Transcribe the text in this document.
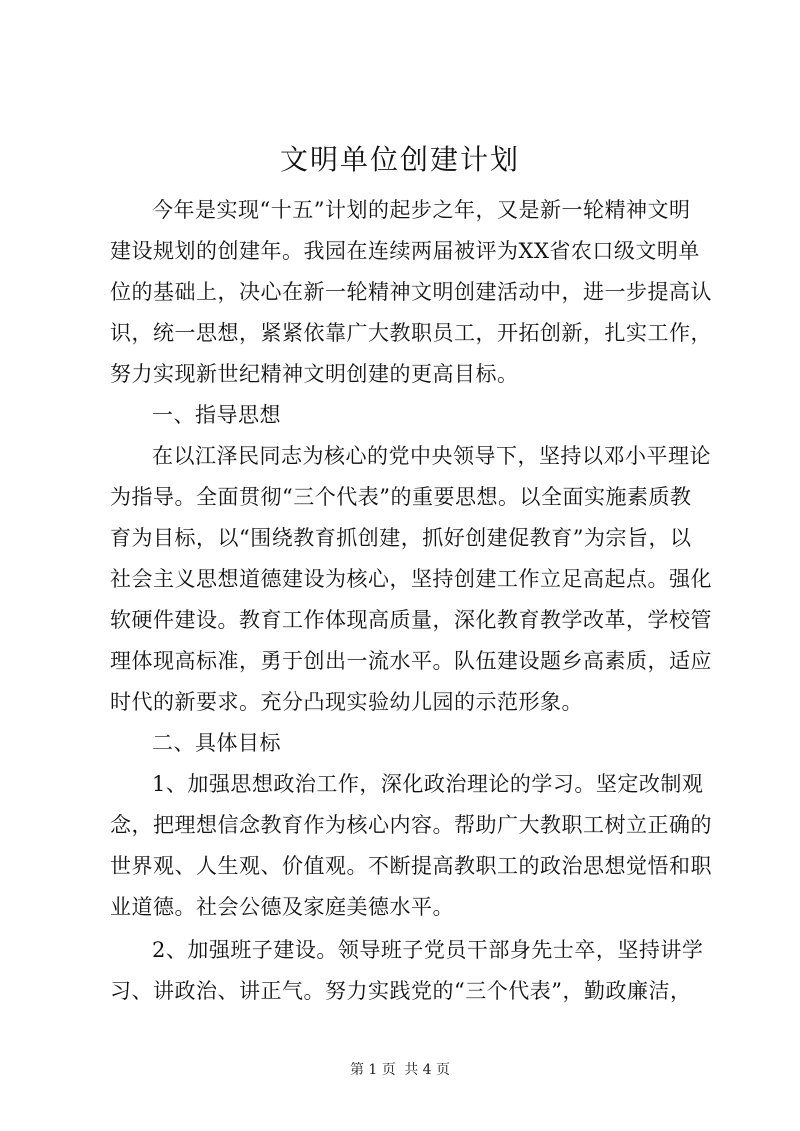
文明单位创建计划
今年是实现“十五”计划的起步之年，又是新一轮精神文明
建设规划的创建年。我园在连续两届被评为XX省农口级文明单
位的基础上，决心在新一轮精神文明创建活动中，进一步提高认
识，统一思想，紧紧依靠广大教职员工，开拓创新，扎实工作，
努力实现新世纪精神文明创建的更高目标。
一、指导思想
在以江泽民同志为核心的党中央领导下，坚持以邓小平理论
为指导。全面贯彻“三个代表”的重要思想。以全面实施素质教
育为目标，以“围绕教育抓创建，抓好创建促教育”为宗旨，以
社会主义思想道德建设为核心，坚持创建工作立足高起点。强化
软硬件建设。教育工作体现高质量，深化教育教学改革，学校管
理体现高标准，勇于创出一流水平。队伍建设题乡高素质，适应
时代的新要求。充分凸现实验幼儿园的示范形象。
二、具体目标
1、加强思想政治工作，深化政治理论的学习。坚定改制观
念，把理想信念教育作为核心内容。帮助广大教职工树立正确的
世界观、人生观、价值观。不断提高教职工的政治思想觉悟和职
业道德。社会公德及家庭美德水平。
2、加强班子建设。领导班子党员干部身先士卒，坚持讲学
习、讲政治、讲正气。努力实践党的“三个代表”，勤政廉洁，
第 1 页 共 4 页
